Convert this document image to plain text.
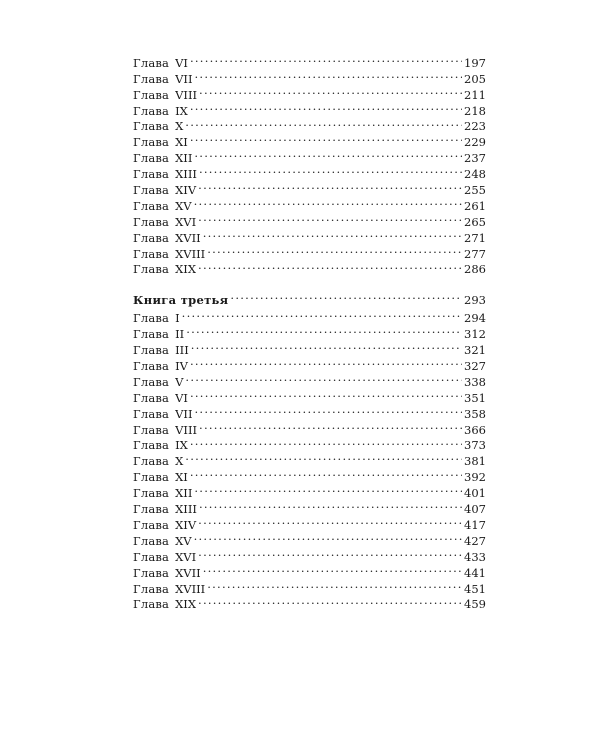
Глава VI . . .	197
Глава VII . . .	205
Глава VIII . . .	211
Глава IX . . .	218
Глава X . . .	223
Глава XI . . .	229
Глава XII . . .	237
Глава XIII . . .	248
Глава XIV . . .	255
Глава XV . . .	261
Глава XVI . . .	265
Глава XVII . . .	271
Глава XVIII . . .	277
Глава XIX . . .	286
Книга третья . . .	293
Глава I . . .	294
Глава II . . .	312
Глава III . . .	321
Глава IV . . .	327
Глава V . . .	338
Глава VI . . .	351
Глава VII . . .	358
Глава VIII . . .	366
Глава IX . . .	373
Глава X . . .	381
Глава XI . . .	392
Глава XII . . .	401
Глава XIII . . .	407
Глава XIV . . .	417
Глава XV . . .	427
Глава XVI . . .	433
Глава XVII . . .	441
Глава XVIII . . .	451
Глава XIX . . .	459
